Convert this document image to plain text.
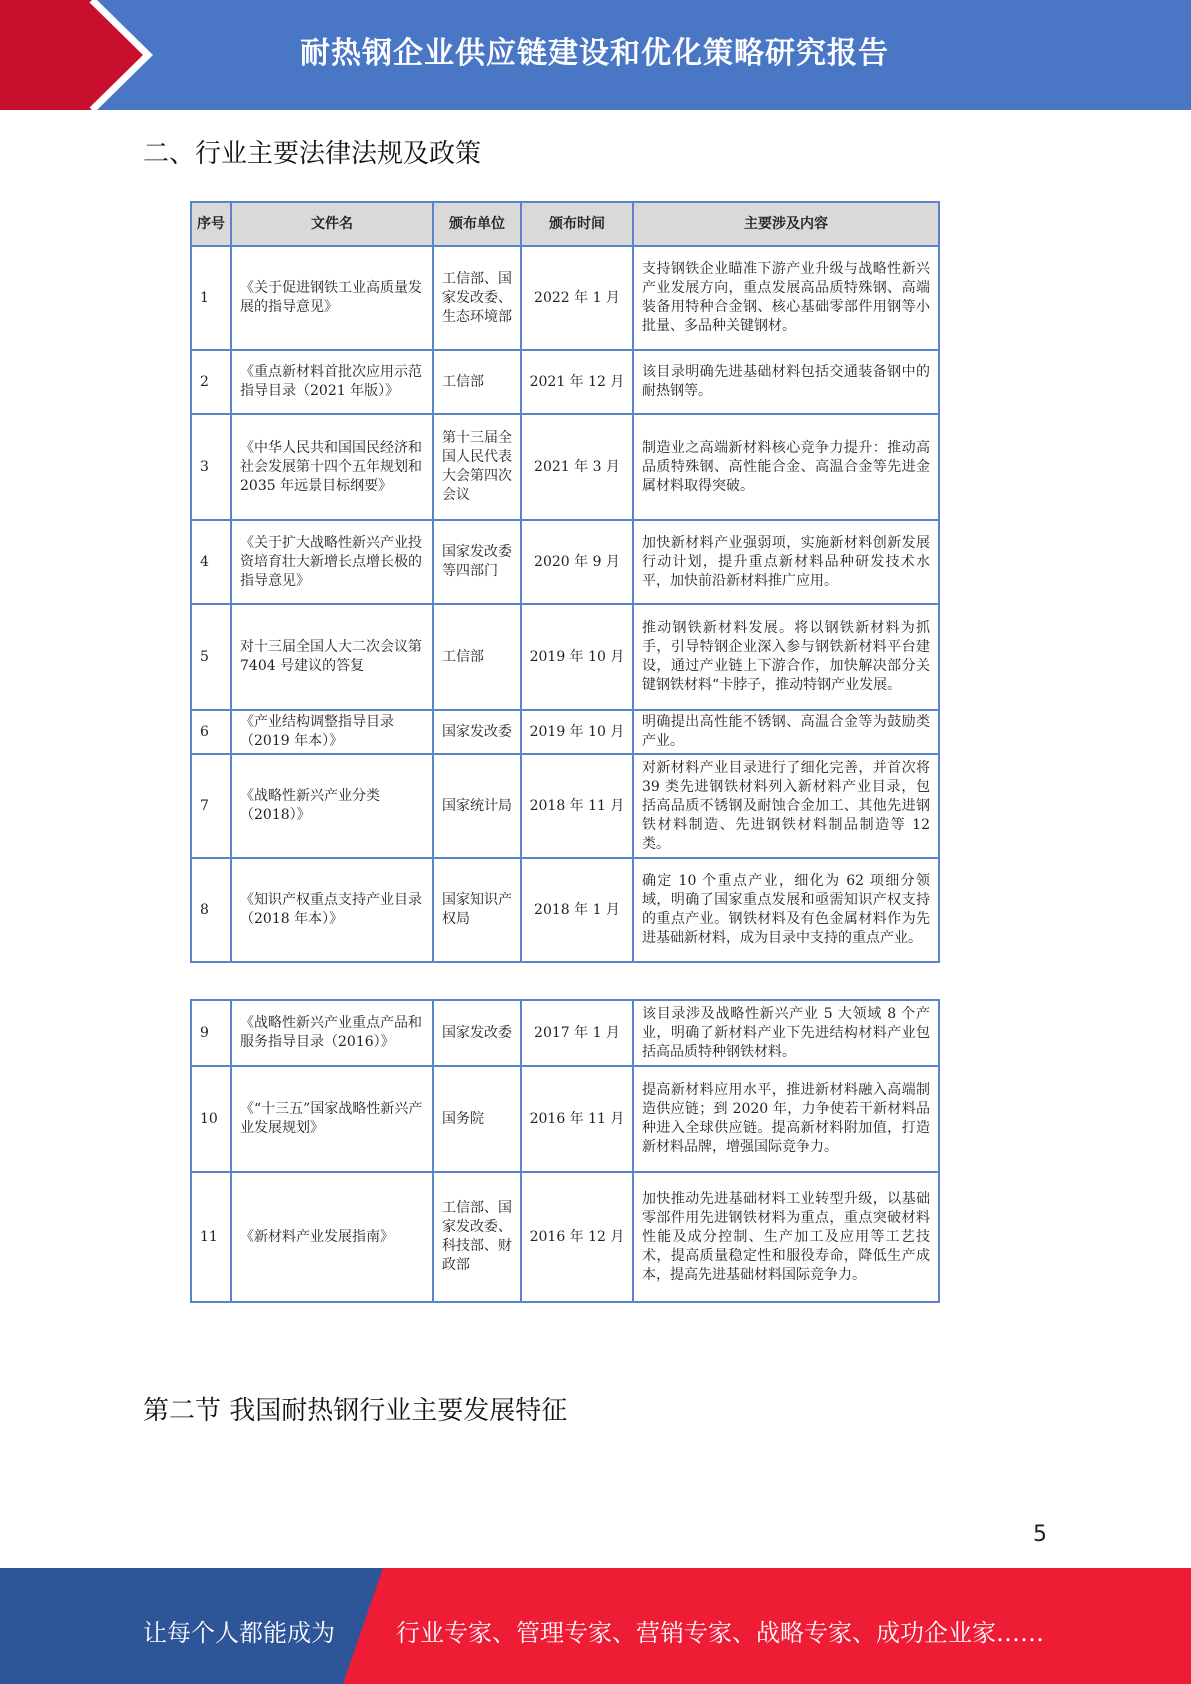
耐热钢企业供应链建设和优化策略研究报告
二、行业主要法律法规及政策
序号	文件名	颁布单位	颁布时间	主要涉及内容
1	《关于促进钢铁工业高质量发展的指导意见》	工信部、国家发改委、生态环境部	2022 年 1 月	支持钢铁企业瞄准下游产业升级与战略性新兴产业发展方向，重点发展高品质特殊钢、高端装备用特种合金钢、核心基础零部件用钢等小批量、多品种关键钢材。
2	《重点新材料首批次应用示范指导目录（2021 年版）》	工信部	2021 年 12 月	该目录明确先进基础材料包括交通装备钢中的耐热钢等。
3	《中华人民共和国国民经济和社会发展第十四个五年规划和 2035 年远景目标纲要》	第十三届全国人民代表大会第四次会议	2021 年 3 月	制造业之高端新材料核心竞争力提升：推动高品质特殊钢、高性能合金、高温合金等先进金属材料取得突破。
4	《关于扩大战略性新兴产业投资培育壮大新增长点增长极的指导意见》	国家发改委等四部门	2020 年 9 月	加快新材料产业强弱项，实施新材料创新发展行动计划，提升重点新材料品种研发技术水平，加快前沿新材料推广应用。
5	对十三届全国人大二次会议第 7404 号建议的答复	工信部	2019 年 10 月	推动钢铁新材料发展。将以钢铁新材料为抓手，引导特钢企业深入参与钢铁新材料平台建设，通过产业链上下游合作，加快解决部分关键钢铁材料“卡脖子，推动特钢产业发展。
6	《产业结构调整指导目录（2019 年本）》	国家发改委	2019 年 10 月	明确提出高性能不锈钢、高温合金等为鼓励类产业。
7	《战略性新兴产业分类（2018）》	国家统计局	2018 年 11 月	对新材料产业目录进行了细化完善，并首次将 39 类先进钢铁材料列入新材料产业目录，包括高品质不锈钢及耐蚀合金加工、其他先进钢铁材料制造、先进钢铁材料制品制造等 12 类。
8	《知识产权重点支持产业目录（2018 年本）》	国家知识产权局	2018 年 1 月	确定 10 个重点产业，细化为 62 项细分领域，明确了国家重点发展和亟需知识产权支持的重点产业。钢铁材料及有色金属材料作为先进基础新材料，成为目录中支持的重点产业。
9	《战略性新兴产业重点产品和服务指导目录（2016）》	国家发改委	2017 年 1 月	该目录涉及战略性新兴产业 5 大领域 8 个产业，明确了新材料产业下先进结构材料产业包括高品质特种钢铁材料。
10	《“十三五”国家战略性新兴产业发展规划》	国务院	2016 年 11 月	提高新材料应用水平，推进新材料融入高端制造供应链；到 2020 年，力争使若干新材料品种进入全球供应链。提高新材料附加值，打造新材料品牌，增强国际竞争力。
11	《新材料产业发展指南》	工信部、国家发改委、科技部、财政部	2016 年 12 月	加快推动先进基础材料工业转型升级，以基础零部件用先进钢铁材料为重点，重点突破材料性能及成分控制、生产加工及应用等工艺技术，提高质量稳定性和服役寿命，降低生产成本，提高先进基础材料国际竞争力。
第二节 我国耐热钢行业主要发展特征
5
让每个人都能成为	行业专家、管理专家、营销专家、战略专家、成功企业家……
